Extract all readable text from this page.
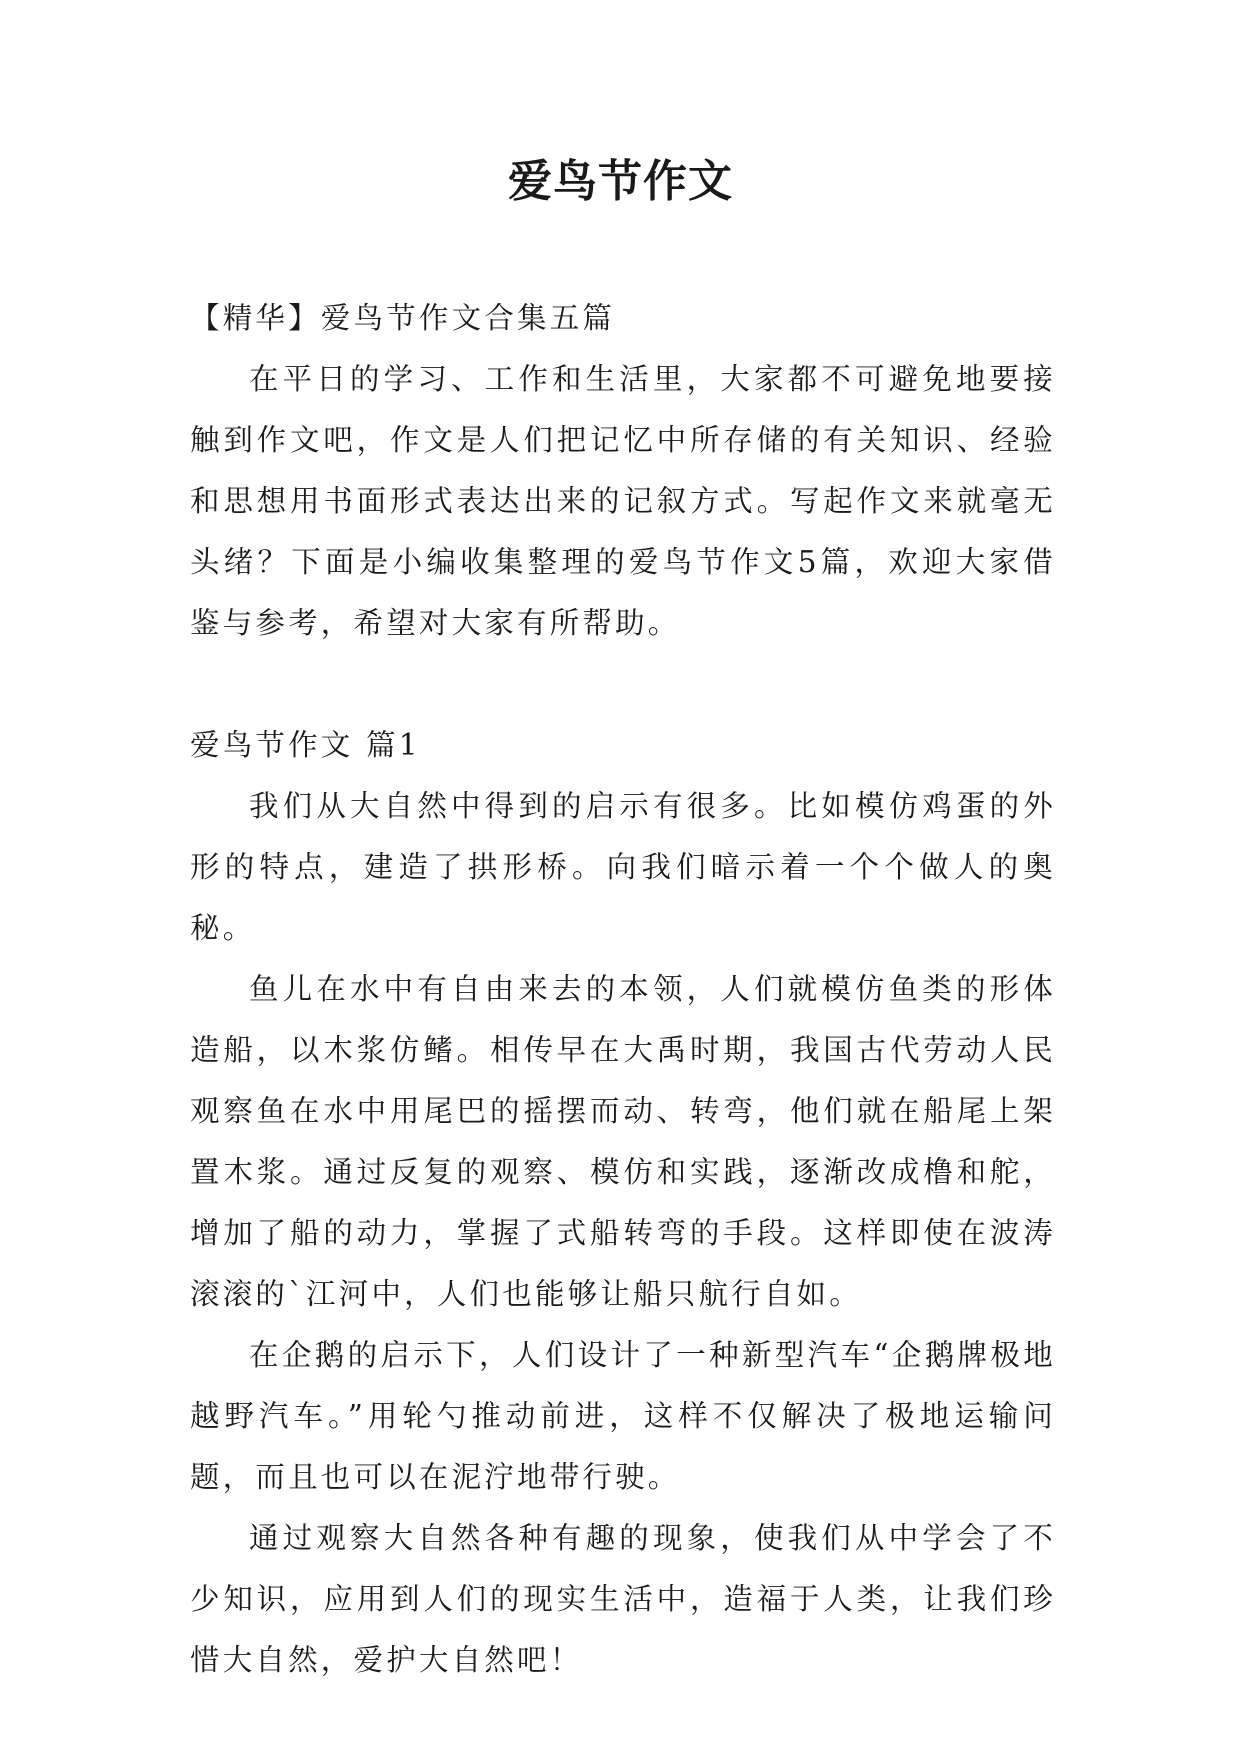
爱鸟节作文

【精华】爱鸟节作文合集五篇

在平日的学习、工作和生活里，大家都不可避免地要接触到作文吧，作文是人们把记忆中所存储的有关知识、经验和思想用书面形式表达出来的记叙方式。写起作文来就毫无头绪？下面是小编收集整理的爱鸟节作文5篇，欢迎大家借鉴与参考，希望对大家有所帮助。

爱鸟节作文 篇1

我们从大自然中得到的启示有很多。比如模仿鸡蛋的外形的特点，建造了拱形桥。向我们暗示着一个个做人的奥秘。

鱼儿在水中有自由来去的本领，人们就模仿鱼类的形体造船，以木浆仿鳍。相传早在大禹时期，我国古代劳动人民观察鱼在水中用尾巴的摇摆而动、转弯，他们就在船尾上架置木浆。通过反复的观察、模仿和实践，逐渐改成橹和舵，增加了船的动力，掌握了式船转弯的手段。这样即使在波涛滚滚的`江河中，人们也能够让船只航行自如。

在企鹅的启示下，人们设计了一种新型汽车“企鹅牌极地越野汽车。”用轮勺推动前进，这样不仅解决了极地运输问题，而且也可以在泥泞地带行驶。

通过观察大自然各种有趣的现象，使我们从中学会了不少知识，应用到人们的现实生活中，造福于人类，让我们珍惜大自然，爱护大自然吧！
